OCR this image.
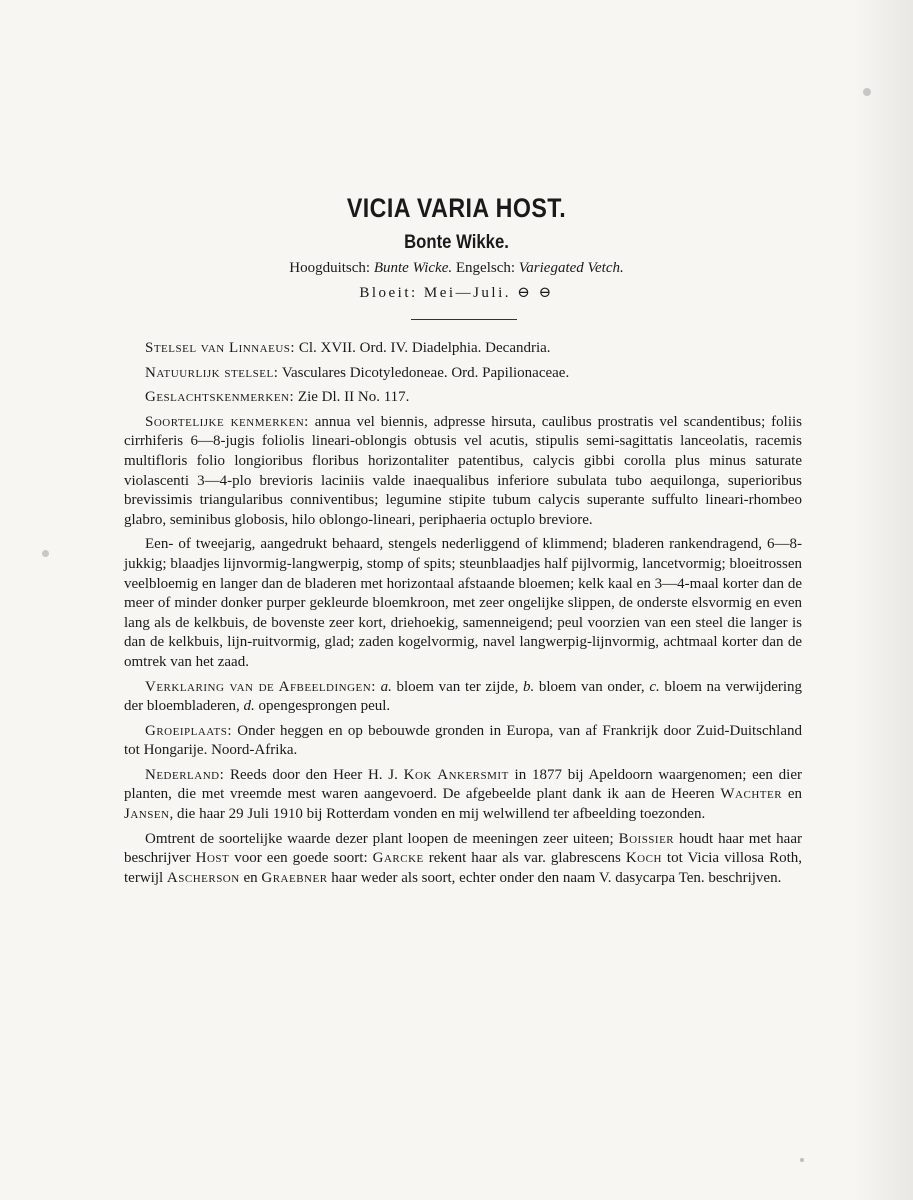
VICIA VARIA HOST.
Bonte Wikke.
Hoogduitsch: Bunte Wicke. Engelsch: Variegated Vetch.
Bloeit: Mei—Juli. ⊖ ⊖

Stelsel van Linnaeus: Cl. XVII. Ord. IV. Diadelphia. Decandria.

Natuurlijk stelsel: Vasculares Dicotyledoneae. Ord. Papilionaceae.

Geslachtskenmerken: Zie Dl. II No. 117.

Soortelijke kenmerken: annua vel biennis, adpresse hirsuta, caulibus prostratis vel scandentibus; foliis cirrhiferis 6—8-jugis foliolis lineari-oblongis obtusis vel acutis, stipulis semi-sagittatis lanceolatis, racemis multifloris folio longioribus floribus horizontaliter patentibus, calycis gibbi corolla plus minus saturate violascenti 3—4-plo brevioris laciniis valde inaequalibus inferiore subulata tubo aequilonga, superioribus brevissimis triangularibus conniventibus; legumine stipite tubum calycis superante suffulto lineari-rhombeo glabro, seminibus globosis, hilo oblongo-lineari, periphaeria octuplo breviore.

Een- of tweejarig, aangedrukt behaard, stengels nederliggend of klimmend; bladeren rankendragend, 6—8-jukkig; blaadjes lijnvormig-langwerpig, stomp of spits; steunblaadjes half pijlvormig, lancetvormig; bloeitrossen veelbloemig en langer dan de bladeren met horizontaal afstaande bloemen; kelk kaal en 3—4-maal korter dan de meer of minder donker purper gekleurde bloemkroon, met zeer ongelijke slippen, de onderste elsvormig en even lang als de kelkbuis, de bovenste zeer kort, driehoekig, samenneigend; peul voorzien van een steel die langer is dan de kelkbuis, lijn-ruitvormig, glad; zaden kogelvormig, navel langwerpig-lijnvormig, achtmaal korter dan de omtrek van het zaad.

Verklaring van de Afbeeldingen: a. bloem van ter zijde, b. bloem van onder, c. bloem na verwijdering der bloembladeren, d. opengesprongen peul.

Groeiplaats: Onder heggen en op bebouwde gronden in Europa, van af Frankrijk door Zuid-Duitschland tot Hongarije. Noord-Afrika.

Nederland: Reeds door den Heer H. J. Kok Ankersmit in 1877 bij Apeldoorn waargenomen; een dier planten, die met vreemde mest waren aangevoerd. De afgebeelde plant dank ik aan de Heeren Wachter en Jansen, die haar 29 Juli 1910 bij Rotterdam vonden en mij welwillend ter afbeelding toezonden.

Omtrent de soortelijke waarde dezer plant loopen de meeningen zeer uiteen; Boissier houdt haar met haar beschrijver Host voor een goede soort: Garcke rekent haar als var. glabrescens Koch tot Vicia villosa Roth, terwijl Ascherson en Graebner haar weder als soort, echter onder den naam V. dasycarpa Ten. beschrijven.
